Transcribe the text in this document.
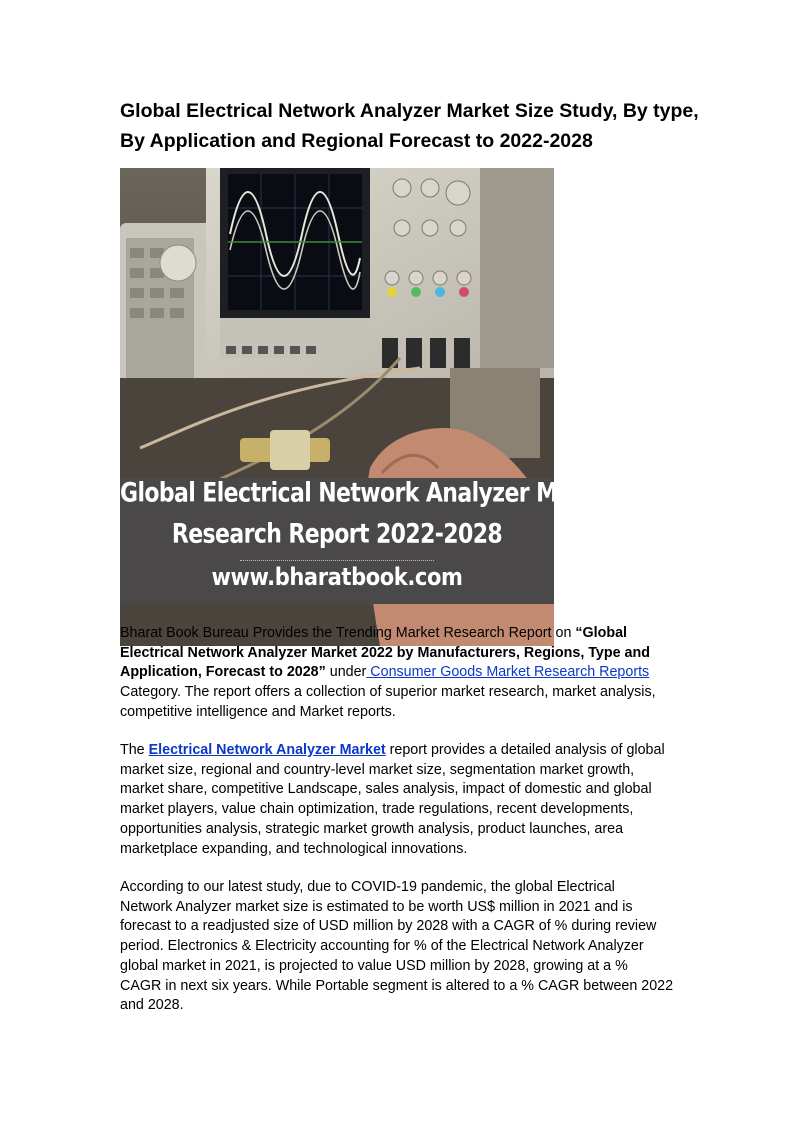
Global Electrical Network Analyzer Market Size Study, By type,
By Application and Regional Forecast to 2022-2028
Global Electrical Network Analyzer Market
Research Report 2022-2028
www.bharatbook.com

Bharat Book Bureau Provides the Trending Market Research Report on “Global
Electrical Network Analyzer Market 2022 by Manufacturers, Regions, Type and
Application, Forecast to 2028” under Consumer Goods Market Research Reports
Category. The report offers a collection of superior market research, market analysis,
competitive intelligence and Market reports.

The Electrical Network Analyzer Market report provides a detailed analysis of global
market size, regional and country-level market size, segmentation market growth,
market share, competitive Landscape, sales analysis, impact of domestic and global
market players, value chain optimization, trade regulations, recent developments,
opportunities analysis, strategic market growth analysis, product launches, area
marketplace expanding, and technological innovations.

According to our latest study, due to COVID-19 pandemic, the global Electrical
Network Analyzer market size is estimated to be worth US$ million in 2021 and is
forecast to a readjusted size of USD million by 2028 with a CAGR of % during review
period. Electronics & Electricity accounting for % of the Electrical Network Analyzer
global market in 2021, is projected to value USD million by 2028, growing at a %
CAGR in next six years. While Portable segment is altered to a % CAGR between 2022
and 2028.
